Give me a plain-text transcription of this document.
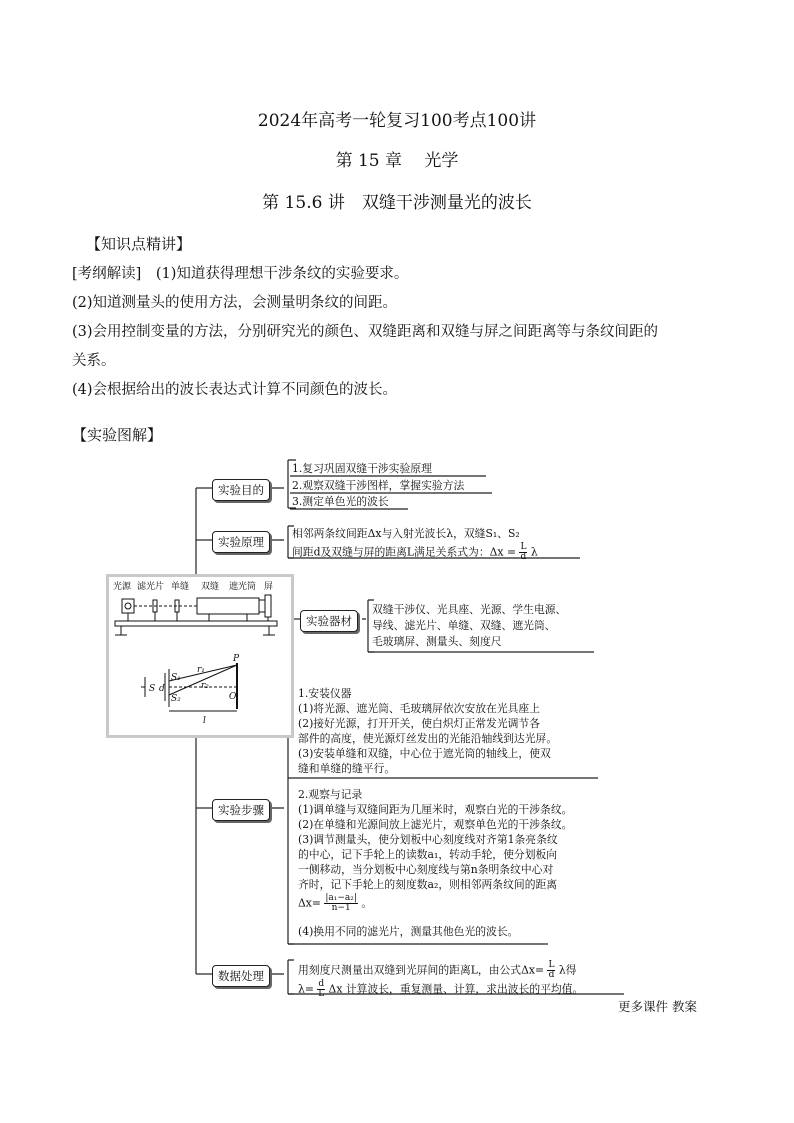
2024年高考一轮复习100考点100讲
第 15 章　 光学
第 15.6 讲　双缝干涉测量光的波长
【知识点精讲】
[考纲解读]　(1)知道获得理想干涉条纹的实验要求。
(2)知道测量头的使用方法，会测量明条纹的间距。
(3)会用控制变量的方法，分别研究光的颜色、双缝距离和双缝与屏之间距离等与条纹间距的
关系。
(4)会根据给出的波长表达式计算不同颜色的波长。
【实验图解】
实验目的
实验原理
实验器材
实验步骤
数据处理
1.复习巩固双缝干涉实验原理
2.观察双缝干涉图样，掌握实验方法
3.测定单色光的波长
相邻两条纹间距Δx与入射光波长λ，双缝S₁、S₂
间距d及双缝与屏的距离L满足关系式为：$\Delta x = \frac{L}{d}$ λ
双缝干涉仪、光具座、光源、学生电源、
导线、滤光片、单缝、双缝、遮光筒、
毛玻璃屏、测量头、刻度尺
光源 滤光片 单缝 双缝 遮光筒 屏
P
r₁
r₂
S
S₁
S₂
d
O
l
1.安装仪器
(1)将光源、遮光筒、毛玻璃屏依次安放在光具座上
(2)接好光源，打开开关，使白炽灯正常发光调节各
部件的高度，使光源灯丝发出的光能沿轴线到达光屏。
(3)安装单缝和双缝，中心位于遮光筒的轴线上，使双
缝和单缝的缝平行。
2.观察与记录
(1)调单缝与双缝间距为几厘米时，观察白光的干涉条纹。
(2)在单缝和光源间放上滤光片，观察单色光的干涉条纹。
(3)调节测量头，使分划板中心刻度线对齐第1条亮条纹
的中心，记下手轮上的读数a₁，转动手轮，使分划板向
一侧移动，当分划板中心刻度线与第n条明条纹中心对
齐时，记下手轮上的刻度数a₂，则相邻两条纹间的距离
$\Delta x= \frac{\text{|a₁−a₂|}}{n-1}$ 。
(4)换用不同的滤光片，测量其他色光的波长。
用刻度尺测量出双缝到光屏间的距离L，由公式$\Delta x= \frac{L}{d}$ λ得
$\lambda= \frac{d}{L}$ Δx 计算波长，重复测量、计算，求出波长的平均值。
更多课件 教案
